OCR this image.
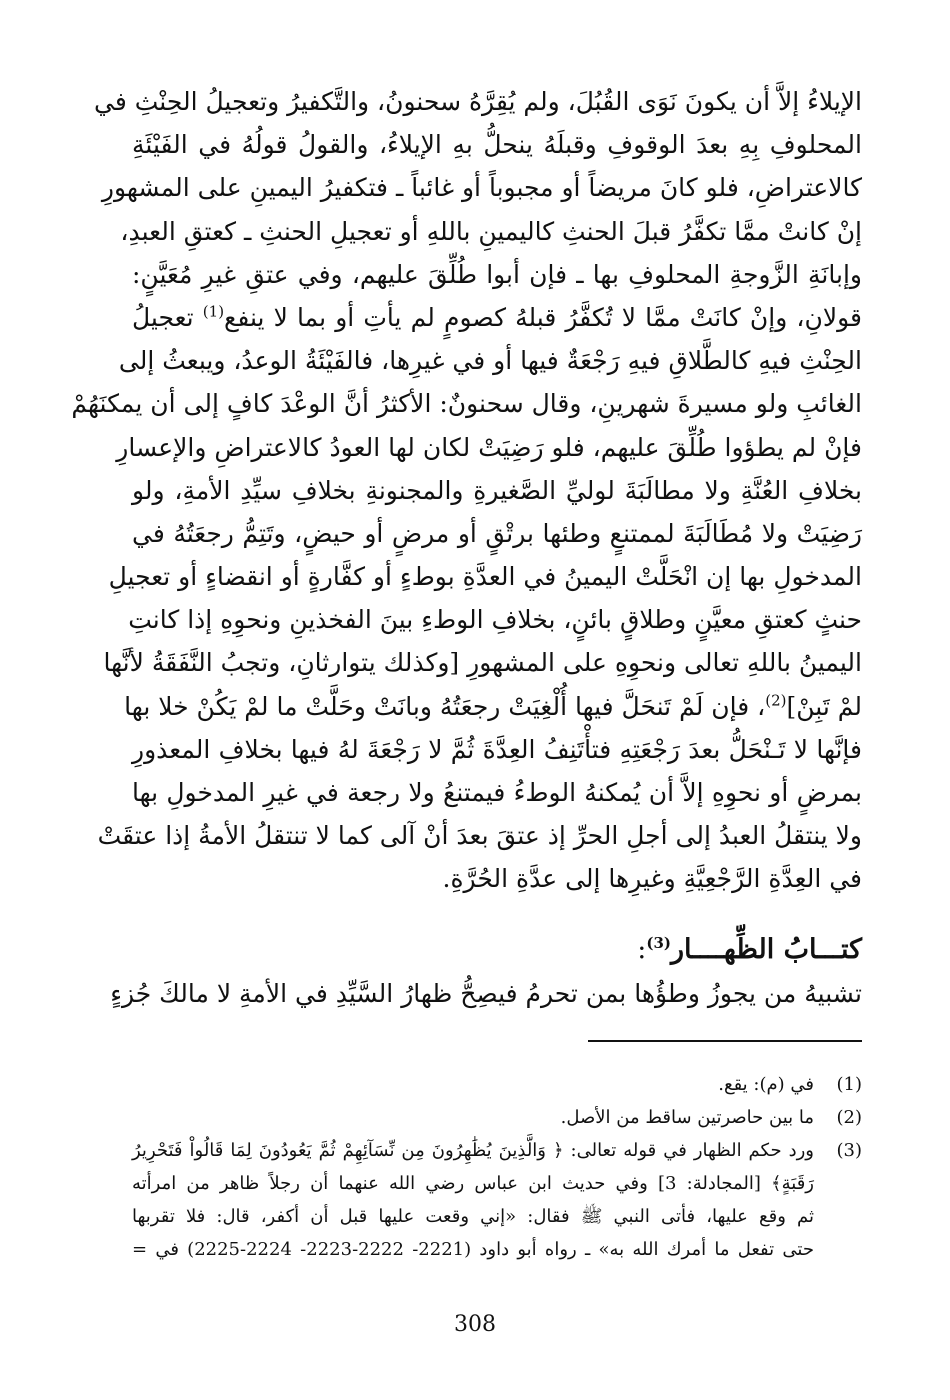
الإيلاءُ إلاَّ أن يكونَ نَوَى القُبُلَ، ولم يُقِرَّهُ سحنونُ، والتَّكفيرُ وتعجيلُ الحِنْثِ في
المحلوفِ بِهِ بعدَ الوقوفِ وقبلَهُ ينحلُّ بهِ الإيلاءُ، والقولُ قولُهُ في الفَيْئَةِ
كالاعتراضِ، فلو كانَ مريضاً أو مجبوباً أو غائباً ـ فتكفيرُ اليمينِ على المشهورِ
إنْ كانتْ ممَّا تكفَّرُ قبلَ الحنثِ كاليمينِ باللهِ أو تعجيلِ الحنثِ ـ كعتقِ العبدِ،
وإبانَةِ الزَّوجةِ المحلوفِ بها ـ فإن أبوا طُلِّقَ عليهم، وفي عتقِ غيرِ مُعَيَّنٍ:
قولانِ، وإنْ كانَتْ ممَّا لا تُكفَّرُ قبلهُ كصومٍ لم يأتِ أو بما لا ينفع$^{(1)}$ تعجيلُ
الحِنْثِ فيهِ كالطَّلاقِ فيهِ رَجْعَةٌ فيها أو في غيرِها، فالفَيْئَةُ الوعدُ، ويبعثُ إلى
الغائبِ ولو مسيرةَ شهرينِ، وقال سحنونٌ: الأكثرُ أنَّ الوعْدَ كافٍ إلى أن يمكنَهُمْ
فإنْ لم يطؤوا طُلِّقَ عليهم، فلو رَضِيَتْ لكان لها العودُ كالاعتراضِ والإعسارِ
بخلافِ العُنَّةِ ولا مطالَبَةَ لوليِّ الصَّغيرةِ والمجنونةِ بخلافِ سيِّدِ الأمةِ، ولو
رَضِيَتْ ولا مُطَالَبَةَ لممتنعٍ وطئها برتْقٍ أو مرضٍ أو حيضٍ، وتَتِمُّ رجعَتُهُ في
المدخولِ بها إن انْحَلَّتْ اليمينُ في العدَّةِ بوطءٍ أو كفَّارةٍ أو انقضاءٍ أو تعجيلِ
حنثٍ كعتقِ معيَّنٍ وطلاقٍ بائنٍ، بخلافِ الوطءِ بينَ الفخذينِ ونحوِهِ إذا كانتِ
اليمينُ باللهِ تعالى ونحوِهِ على المشهورِ [وكذلك يتوارثانِ، وتجبُ النَّفَقَةُ لأنَّها
لمْ تَبِنْ]$^{(2)}$، فإن لَمْ تَنحَلَّ فيها أُلْغِيَتْ رجعَتُهُ وبانَتْ وحَلَّتْ ما لمْ يَكُنْ خلا بها
فإنَّها لا تَـنْحَلُّ بعدَ رَجْعَتِهِ فتأْتَنِفُ العِدَّةَ ثُمَّ لا رَجْعَةَ لهُ فيها بخلافِ المعذورِ
بمرضٍ أو نحوِهِ إلاَّ أن يُمكنهُ الوطءُ فيمتنعُ ولا رجعة في غيرِ المدخولِ بها
ولا ينتقلُ العبدُ إلى أجلِ الحرِّ إذ عتقَ بعدَ أنْ آلى كما لا تنتقلُ الأمةُ إذا عتقَتْ
في العِدَّةِ الرَّجْعِيَّةِ وغيرِها إلى عدَّةِ الحُرَّةِ.
كتـــابُ الظِّهــــار$^{(3)}$:
تشبيهُ من يجوزُ وطؤُها بمن تحرمُ فيصِحُّ ظهارُ السَّيِّدِ في الأمةِ لا مالكَ جُزءٍ
(1)
في (م): يقع.
(2)
ما بين حاصرتين ساقط من الأصل.
(3)
ورد حكم الظهار في قوله تعالى: ﴿ وَالَّذِينَ يُظَٰهِرُونَ مِن نِّسَآئِهِمْ ثُمَّ يَعُودُونَ لِمَا قَالُواْ فَتَحْرِيرُ
رَقَبَةٍ﴾ [المجادلة: 3] وفي حديث ابن عباس رضي الله عنهما أن رجلاً ظاهر من امرأته
ثم وقع عليها، فأتى النبي ﷺ فقال: «إني وقعت عليها قبل أن أكفر، قال: فلا تقربها
حتى تفعل ما أمرك الله به» ـ رواه أبو داود (2221- 2222-2223- 2224-2225) في =
308
